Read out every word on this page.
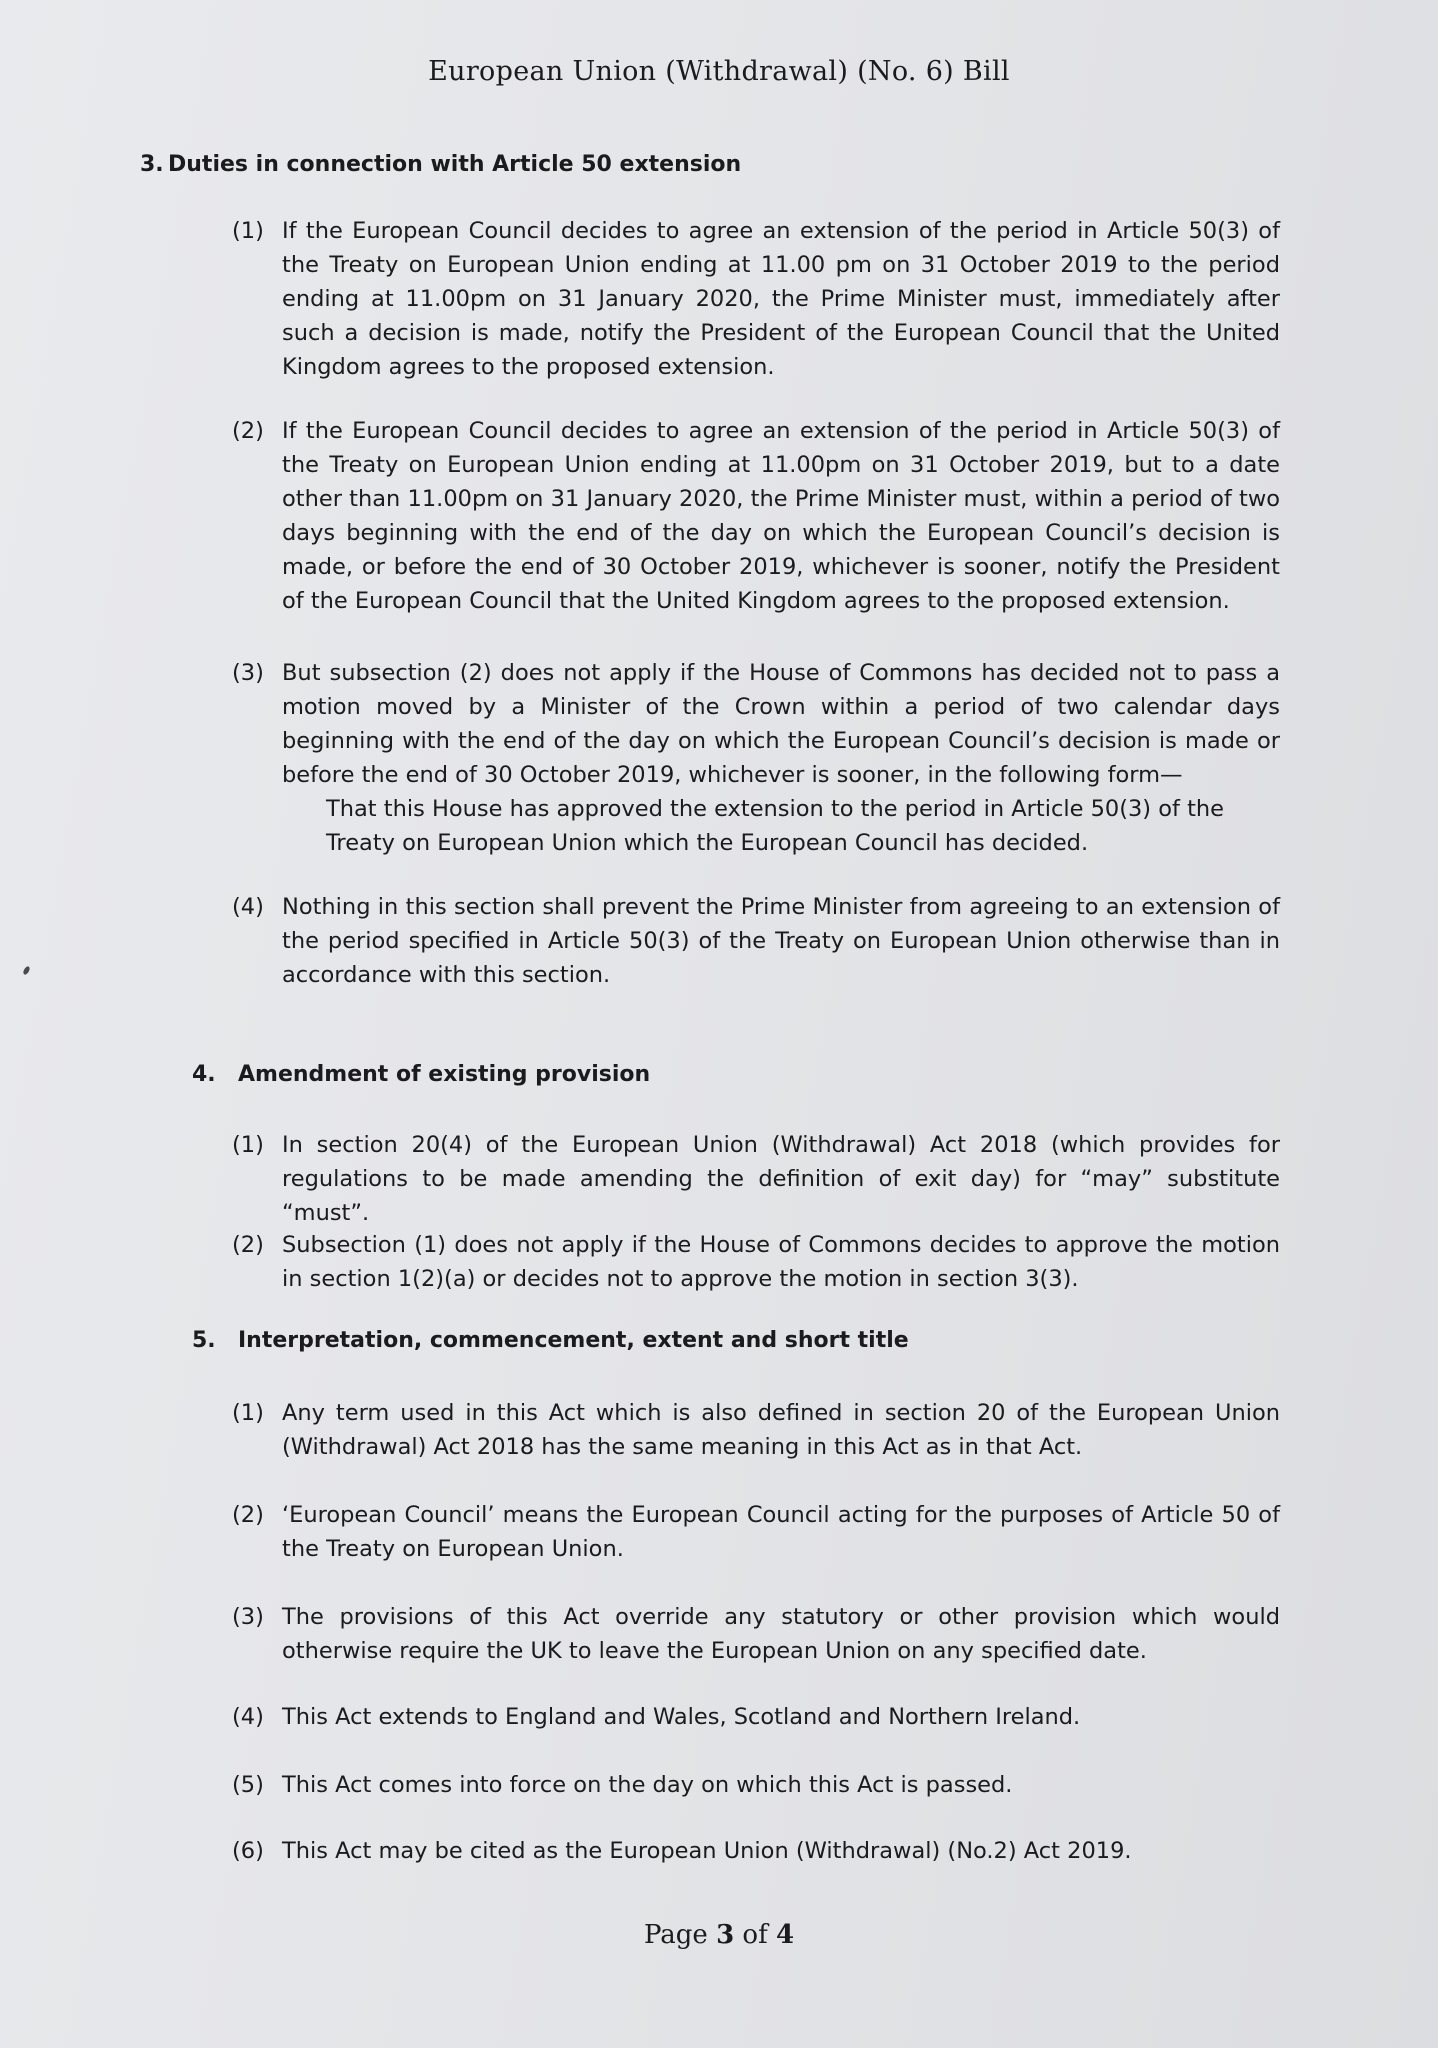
European Union (Withdrawal) (No. 6) Bill
3. Duties in connection with Article 50 extension
(1) If the European Council decides to agree an extension of the period in Article 50(3) of the Treaty on European Union ending at 11.00 pm on 31 October 2019 to the period ending at 11.00pm on 31 January 2020, the Prime Minister must, immediately after such a decision is made, notify the President of the European Council that the United Kingdom agrees to the proposed extension.
(2) If the European Council decides to agree an extension of the period in Article 50(3) of the Treaty on European Union ending at 11.00pm on 31 October 2019, but to a date other than 11.00pm on 31 January 2020, the Prime Minister must, within a period of two days beginning with the end of the day on which the European Council’s decision is made, or before the end of 30 October 2019, whichever is sooner, notify the President of the European Council that the United Kingdom agrees to the proposed extension.
(3) But subsection (2) does not apply if the House of Commons has decided not to pass a motion moved by a Minister of the Crown within a period of two calendar days beginning with the end of the day on which the European Council’s decision is made or before the end of 30 October 2019, whichever is sooner, in the following form—
That this House has approved the extension to the period in Article 50(3) of the Treaty on European Union which the European Council has decided.
(4) Nothing in this section shall prevent the Prime Minister from agreeing to an extension of the period specified in Article 50(3) of the Treaty on European Union otherwise than in accordance with this section.
4. Amendment of existing provision
(1) In section 20(4) of the European Union (Withdrawal) Act 2018 (which provides for regulations to be made amending the definition of exit day) for “may” substitute “must”.
(2) Subsection (1) does not apply if the House of Commons decides to approve the motion in section 1(2)(a) or decides not to approve the motion in section 3(3).
5. Interpretation, commencement, extent and short title
(1) Any term used in this Act which is also defined in section 20 of the European Union (Withdrawal) Act 2018 has the same meaning in this Act as in that Act.
(2) ‘European Council’ means the European Council acting for the purposes of Article 50 of the Treaty on European Union.
(3) The provisions of this Act override any statutory or other provision which would otherwise require the UK to leave the European Union on any specified date.
(4) This Act extends to England and Wales, Scotland and Northern Ireland.
(5) This Act comes into force on the day on which this Act is passed.
(6) This Act may be cited as the European Union (Withdrawal) (No.2) Act 2019.
Page 3 of 4
